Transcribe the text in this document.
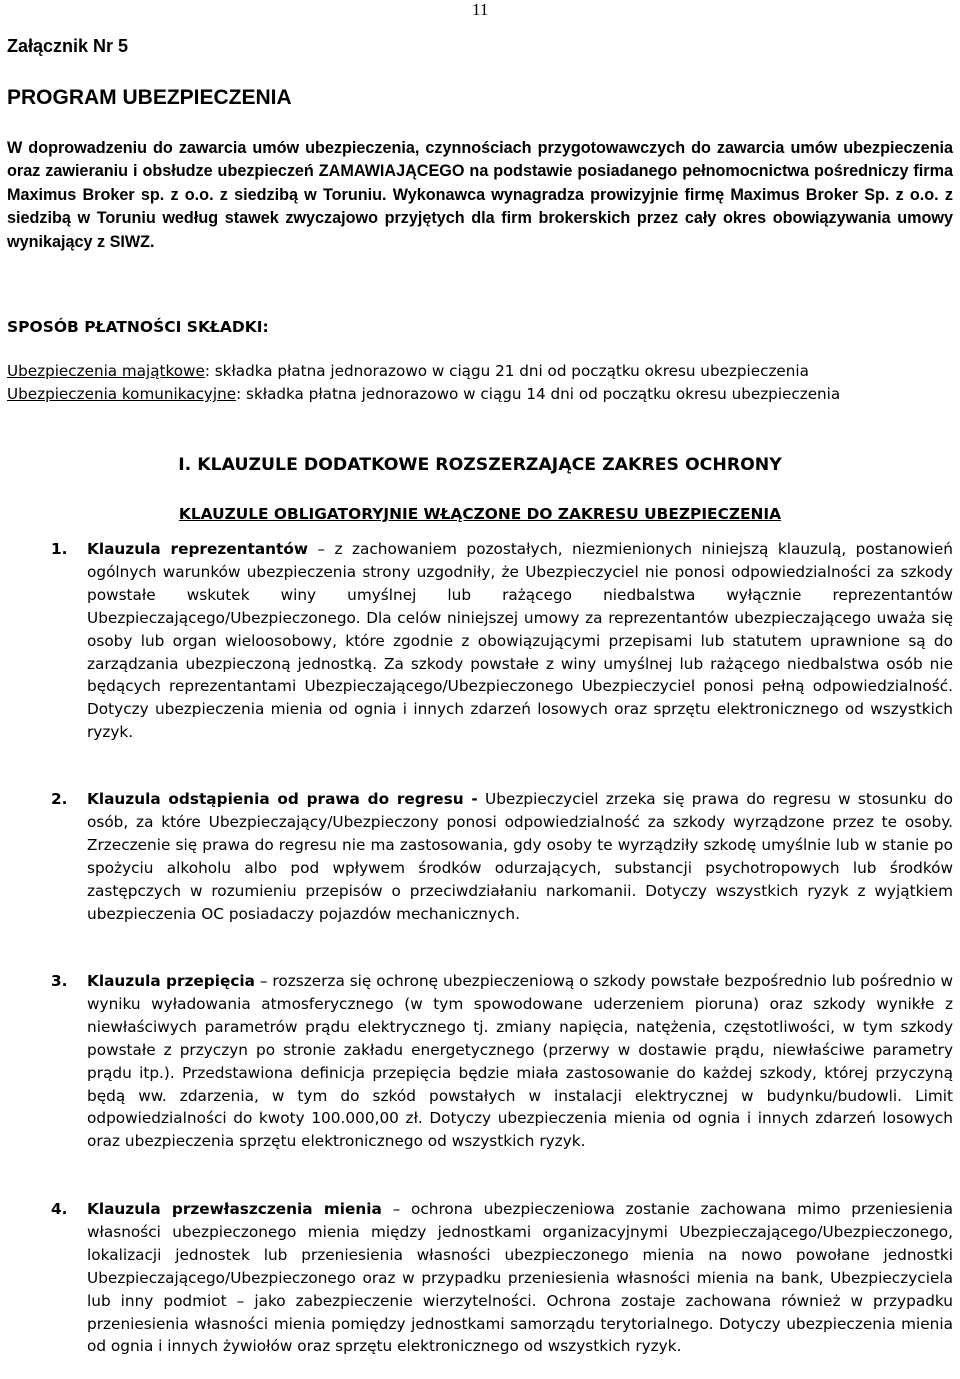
11
Załącznik Nr 5
PROGRAM UBEZPIECZENIA
W doprowadzeniu do zawarcia umów ubezpieczenia, czynnościach przygotowawczych do zawarcia umów ubezpieczenia oraz zawieraniu i obsłudze ubezpieczeń ZAMAWIAJĄCEGO na podstawie posiadanego pełnomocnictwa pośredniczy firma Maximus Broker sp. z o.o. z siedzibą w Toruniu. Wykonawca wynagradza prowizyjnie firmę Maximus Broker Sp. z o.o. z siedzibą w Toruniu według stawek zwyczajowo przyjętych dla firm brokerskich przez cały okres obowiązywania umowy wynikający z SIWZ.
SPOSÓB PŁATNOŚCI SKŁADKI:
Ubezpieczenia majątkowe: składka płatna jednorazowo w ciągu 21 dni od początku okresu ubezpieczenia
Ubezpieczenia komunikacyjne: składka płatna jednorazowo w ciągu 14 dni od początku okresu ubezpieczenia
I. KLAUZULE DODATKOWE ROZSZERZAJĄCE ZAKRES OCHRONY
KLAUZULE OBLIGATORYJNIE WŁĄCZONE DO ZAKRESU UBEZPIECZENIA
1. Klauzula reprezentantów – z zachowaniem pozostałych, niezmienionych niniejszą klauzulą, postanowień ogólnych warunków ubezpieczenia strony uzgodniły, że Ubezpieczyciel nie ponosi odpowiedzialności za szkody powstałe wskutek winy umyślnej lub rażącego niedbalstwa wyłącznie reprezentantów Ubezpieczającego/Ubezpieczonego. Dla celów niniejszej umowy za reprezentantów ubezpieczającego uważa się osoby lub organ wieloosobowy, które zgodnie z obowiązującymi przepisami lub statutem uprawnione są do zarządzania ubezpieczoną jednostką. Za szkody powstałe z winy umyślnej lub rażącego niedbalstwa osób nie będących reprezentantami Ubezpieczającego/Ubezpieczonego Ubezpieczyciel ponosi pełną odpowiedzialność. Dotyczy ubezpieczenia mienia od ognia i innych zdarzeń losowych oraz sprzętu elektronicznego od wszystkich ryzyk.
2. Klauzula odstąpienia od prawa do regresu - Ubezpieczyciel zrzeka się prawa do regresu w stosunku do osób, za które Ubezpieczający/Ubezpieczony ponosi odpowiedzialność za szkody wyrządzone przez te osoby. Zrzeczenie się prawa do regresu nie ma zastosowania, gdy osoby te wyrządziły szkodę umyślnie lub w stanie po spożyciu alkoholu albo pod wpływem środków odurzających, substancji psychotropowych lub środków zastępczych w rozumieniu przepisów o przeciwdziałaniu narkomanii. Dotyczy wszystkich ryzyk z wyjątkiem ubezpieczenia OC posiadaczy pojazdów mechanicznych.
3. Klauzula przepięcia – rozszerza się ochronę ubezpieczeniową o szkody powstałe bezpośrednio lub pośrednio w wyniku wyładowania atmosferycznego (w tym spowodowane uderzeniem pioruna) oraz szkody wynikłe z niewłaściwych parametrów prądu elektrycznego tj. zmiany napięcia, natężenia, częstotliwości, w tym szkody powstałe z przyczyn po stronie zakładu energetycznego (przerwy w dostawie prądu, niewłaściwe parametry prądu itp.). Przedstawiona definicja przepięcia będzie miała zastosowanie do każdej szkody, której przyczyną będą ww. zdarzenia, w tym do szkód powstałych w instalacji elektrycznej w budynku/budowli. Limit odpowiedzialności do kwoty 100.000,00 zł. Dotyczy ubezpieczenia mienia od ognia i innych zdarzeń losowych oraz ubezpieczenia sprzętu elektronicznego od wszystkich ryzyk.
4. Klauzula przewłaszczenia mienia – ochrona ubezpieczeniowa zostanie zachowana mimo przeniesienia własności ubezpieczonego mienia między jednostkami organizacyjnymi Ubezpieczającego/Ubezpieczonego, lokalizacji jednostek lub przeniesienia własności ubezpieczonego mienia na nowo powołane jednostki Ubezpieczającego/Ubezpieczonego oraz w przypadku przeniesienia własności mienia na bank, Ubezpieczyciela lub inny podmiot – jako zabezpieczenie wierzytelności. Ochrona zostaje zachowana również w przypadku przeniesienia własności mienia pomiędzy jednostkami samorządu terytorialnego. Dotyczy ubezpieczenia mienia od ognia i innych żywiołów oraz sprzętu elektronicznego od wszystkich ryzyk.
